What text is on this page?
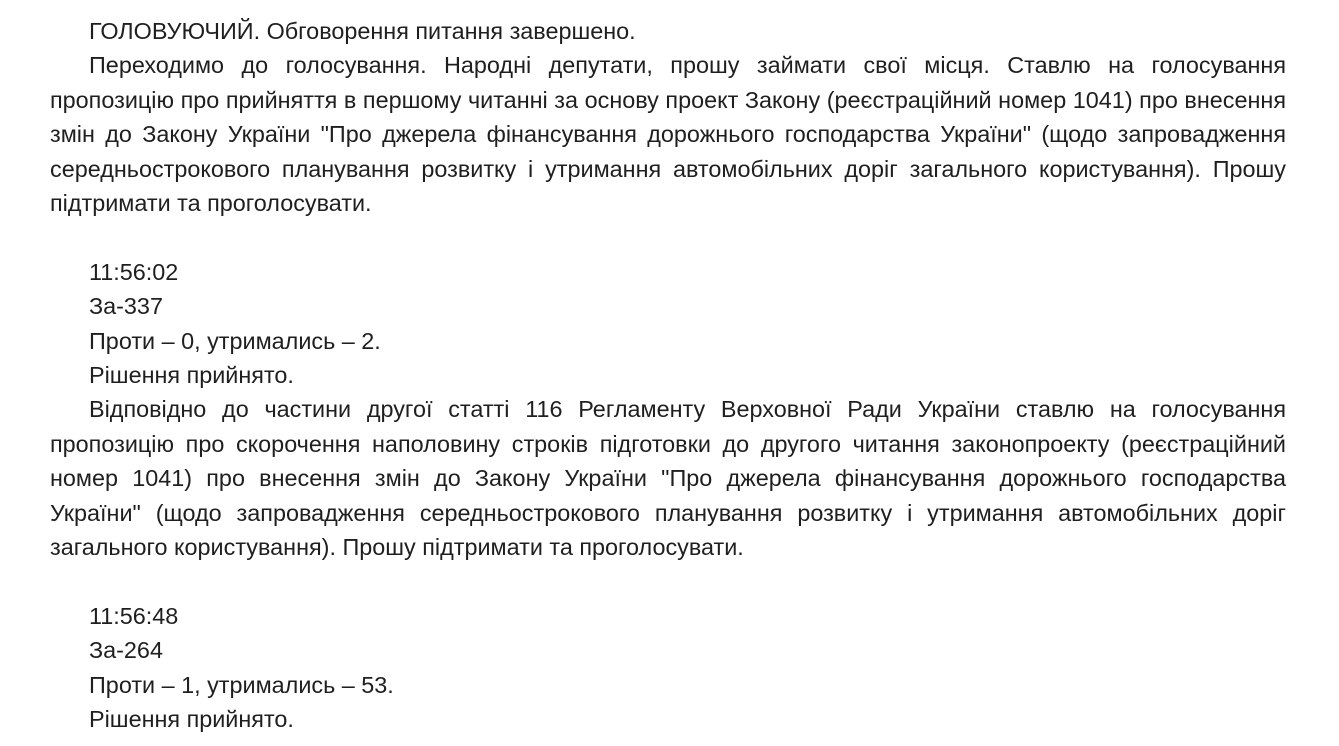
ГОЛОВУЮЧИЙ. Обговорення питання завершено.

Переходимо до голосування. Народні депутати, прошу займати свої місця. Ставлю на голосування пропозицію про прийняття в першому читанні за основу проект Закону (реєстраційний номер 1041) про внесення змін до Закону України "Про джерела фінансування дорожнього господарства України" (щодо запровадження середньострокового планування розвитку і утримання автомобільних доріг загального користування). Прошу підтримати та проголосувати.

11:56:02

За-337

Проти – 0, утримались – 2.

Рішення прийнято.

Відповідно до частини другої статті 116 Регламенту Верховної Ради України ставлю на голосування пропозицію про скорочення наполовину строків підготовки до другого читання законопроекту (реєстраційний номер 1041) про внесення змін до Закону України "Про джерела фінансування дорожнього господарства України" (щодо запровадження середньострокового планування розвитку і утримання автомобільних доріг загального користування). Прошу підтримати та проголосувати.

11:56:48

За-264

Проти – 1, утримались – 53.

Рішення прийнято.
